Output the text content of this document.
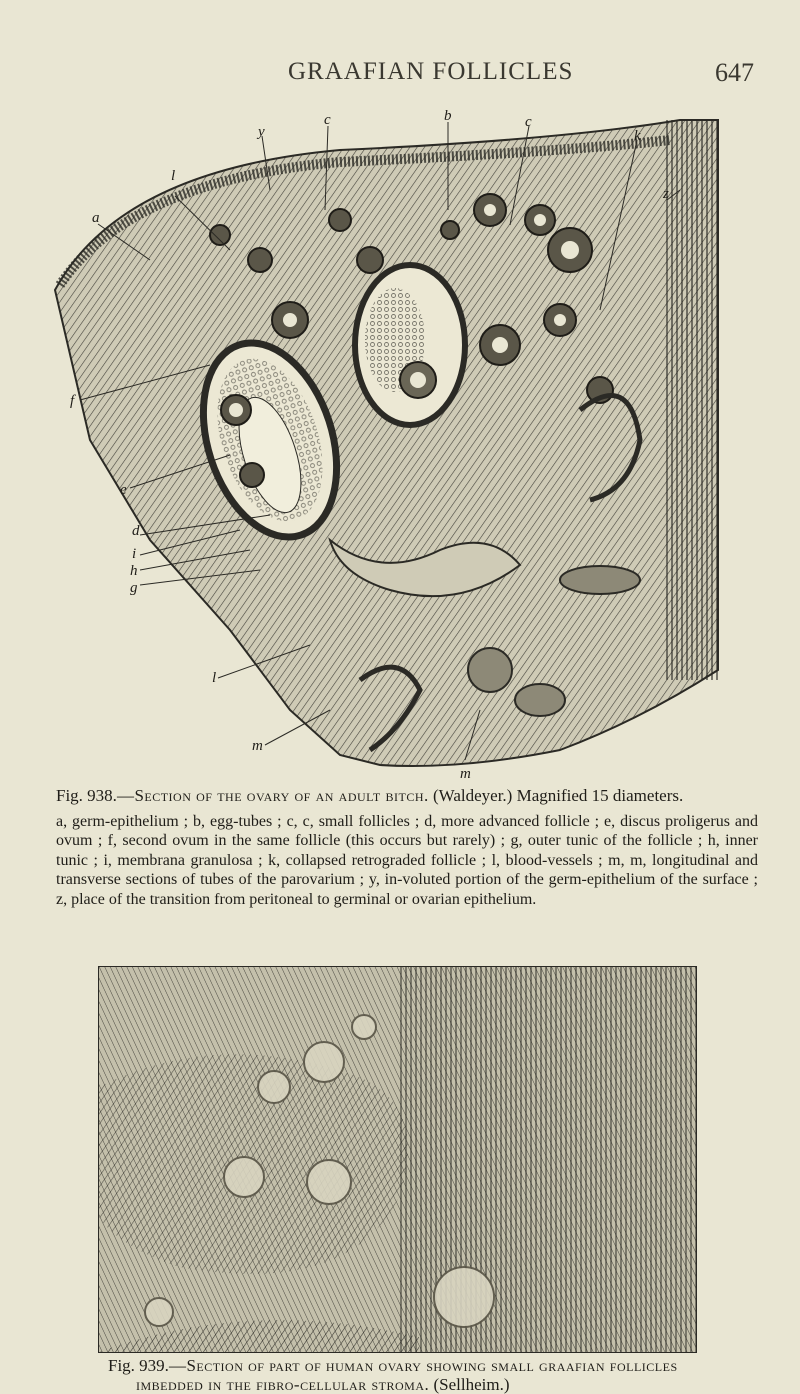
GRAAFIAN FOLLICLES	647
y
c	b	c
k
z
l
a
f
e
d
i
h
g
l
m
m
Fig. 938.—Section of the ovary of an adult bitch. (Waldeyer.) Magnified 15 diameters.
a, germ-epithelium ; b, egg-tubes ; c, c, small follicles ; d, more advanced follicle ; e, discus proligerus and ovum ; f, second ovum in the same follicle (this occurs but rarely) ; g, outer tunic of the follicle ; h, inner tunic ; i, membrana granulosa ; k, collapsed retrograded follicle ; l, blood-vessels ; m, m, longitudinal and transverse sections of tubes of the parovarium ; y, in-voluted portion of the germ-epithelium of the surface ; z, place of the transition from peritoneal to germinal or ovarian epithelium.
Fig. 939.—Section of part of human ovary showing small graafian follicles
imbedded in the fibro-cellular stroma. (Sellheim.)
